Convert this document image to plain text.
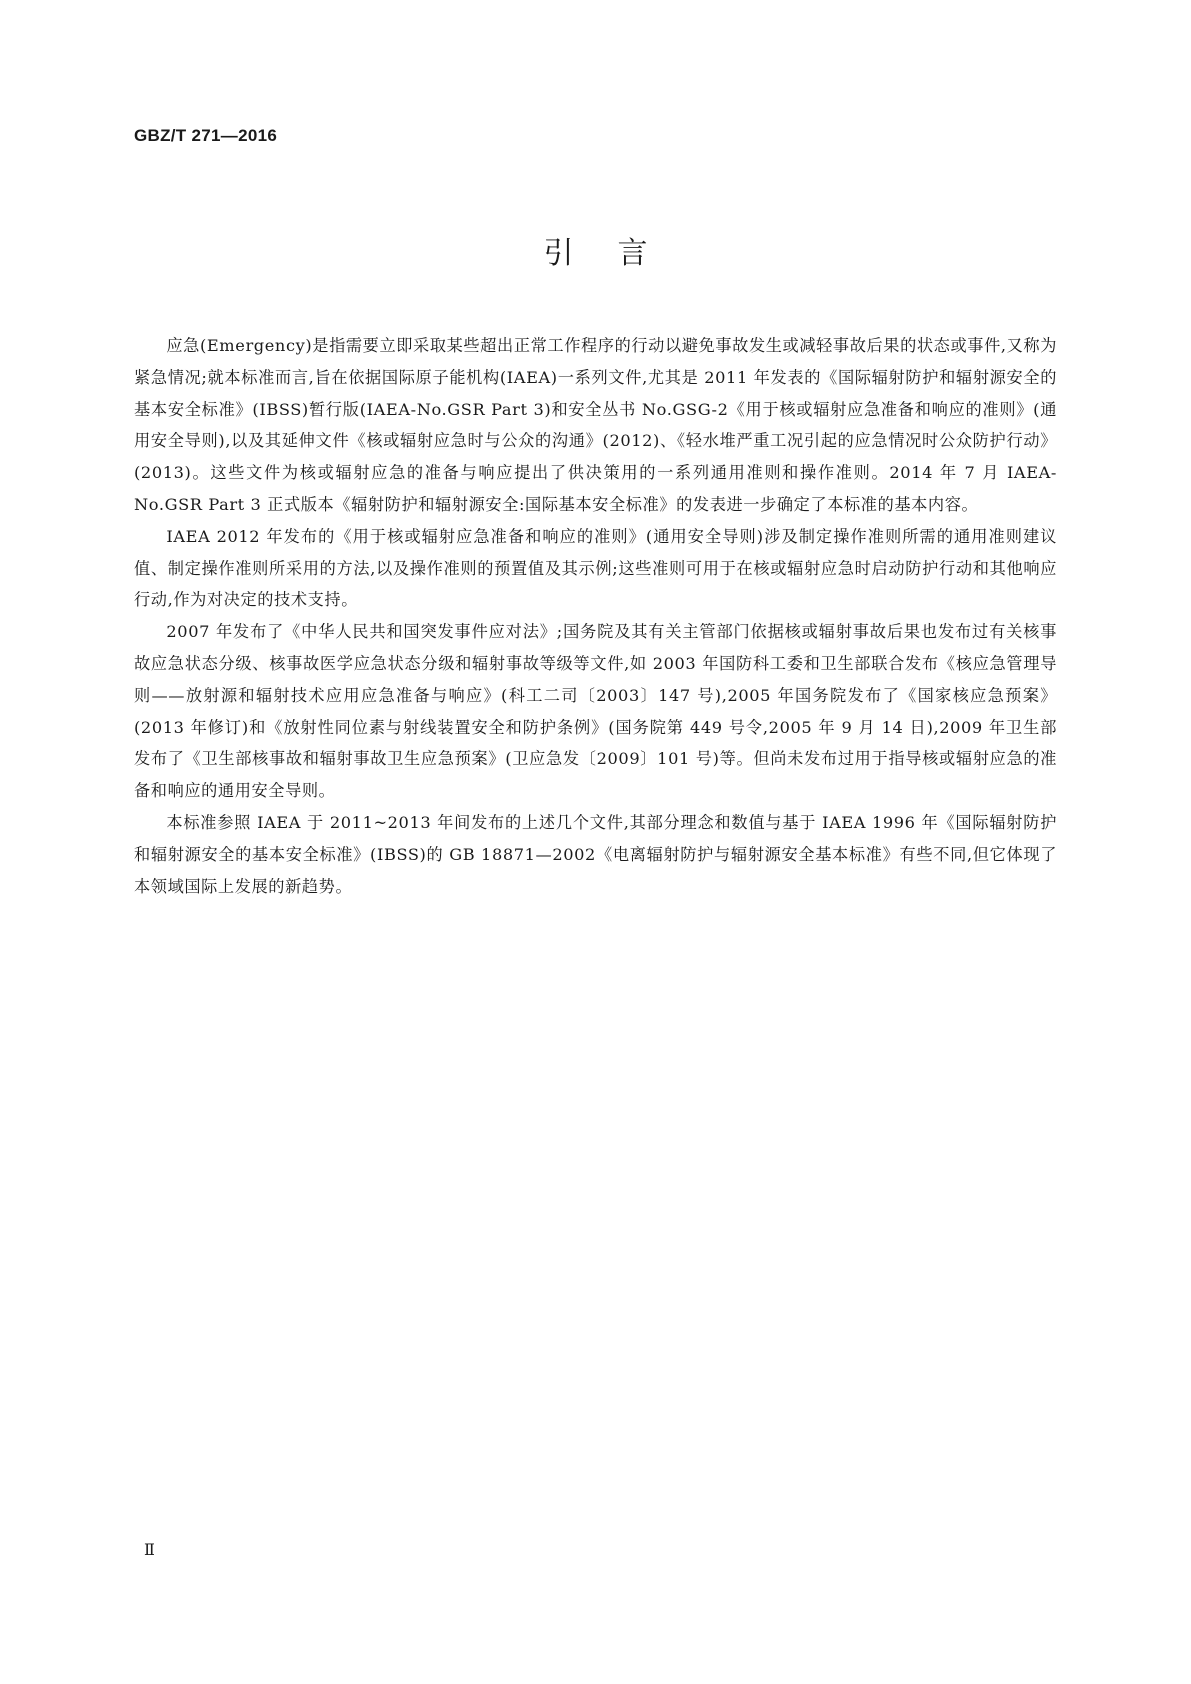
GBZ/T 271—2016
引言

应急(Emergency)是指需要立即采取某些超出正常工作程序的行动以避免事故发生或减轻事故后果的状态或事件,又称为紧急情况;就本标准而言,旨在依据国际原子能机构(IAEA)一系列文件,尤其是 2011 年发表的《国际辐射防护和辐射源安全的基本安全标准》(IBSS)暂行版(IAEA-No.GSR Part 3)和安全丛书 No.GSG-2《用于核或辐射应急准备和响应的准则》(通用安全导则),以及其延伸文件《核或辐射应急时与公众的沟通》(2012)、《轻水堆严重工况引起的应急情况时公众防护行动》(2013)。这些文件为核或辐射应急的准备与响应提出了供决策用的一系列通用准则和操作准则。2014 年 7 月 IAEA-No.GSR Part 3 正式版本《辐射防护和辐射源安全:国际基本安全标准》的发表进一步确定了本标准的基本内容。

IAEA 2012 年发布的《用于核或辐射应急准备和响应的准则》(通用安全导则)涉及制定操作准则所需的通用准则建议值、制定操作准则所采用的方法,以及操作准则的预置值及其示例;这些准则可用于在核或辐射应急时启动防护行动和其他响应行动,作为对决定的技术支持。

2007 年发布了《中华人民共和国突发事件应对法》;国务院及其有关主管部门依据核或辐射事故后果也发布过有关核事故应急状态分级、核事故医学应急状态分级和辐射事故等级等文件,如 2003 年国防科工委和卫生部联合发布《核应急管理导则——放射源和辐射技术应用应急准备与响应》(科工二司〔2003〕147 号),2005 年国务院发布了《国家核应急预案》(2013 年修订)和《放射性同位素与射线装置安全和防护条例》(国务院第 449 号令,2005 年 9 月 14 日),2009 年卫生部发布了《卫生部核事故和辐射事故卫生应急预案》(卫应急发〔2009〕101 号)等。但尚未发布过用于指导核或辐射应急的准备和响应的通用安全导则。

本标准参照 IAEA 于 2011~2013 年间发布的上述几个文件,其部分理念和数值与基于 IAEA 1996 年《国际辐射防护和辐射源安全的基本安全标准》(IBSS)的 GB 18871—2002《电离辐射防护与辐射源安全基本标准》有些不同,但它体现了本领域国际上发展的新趋势。

Ⅱ
